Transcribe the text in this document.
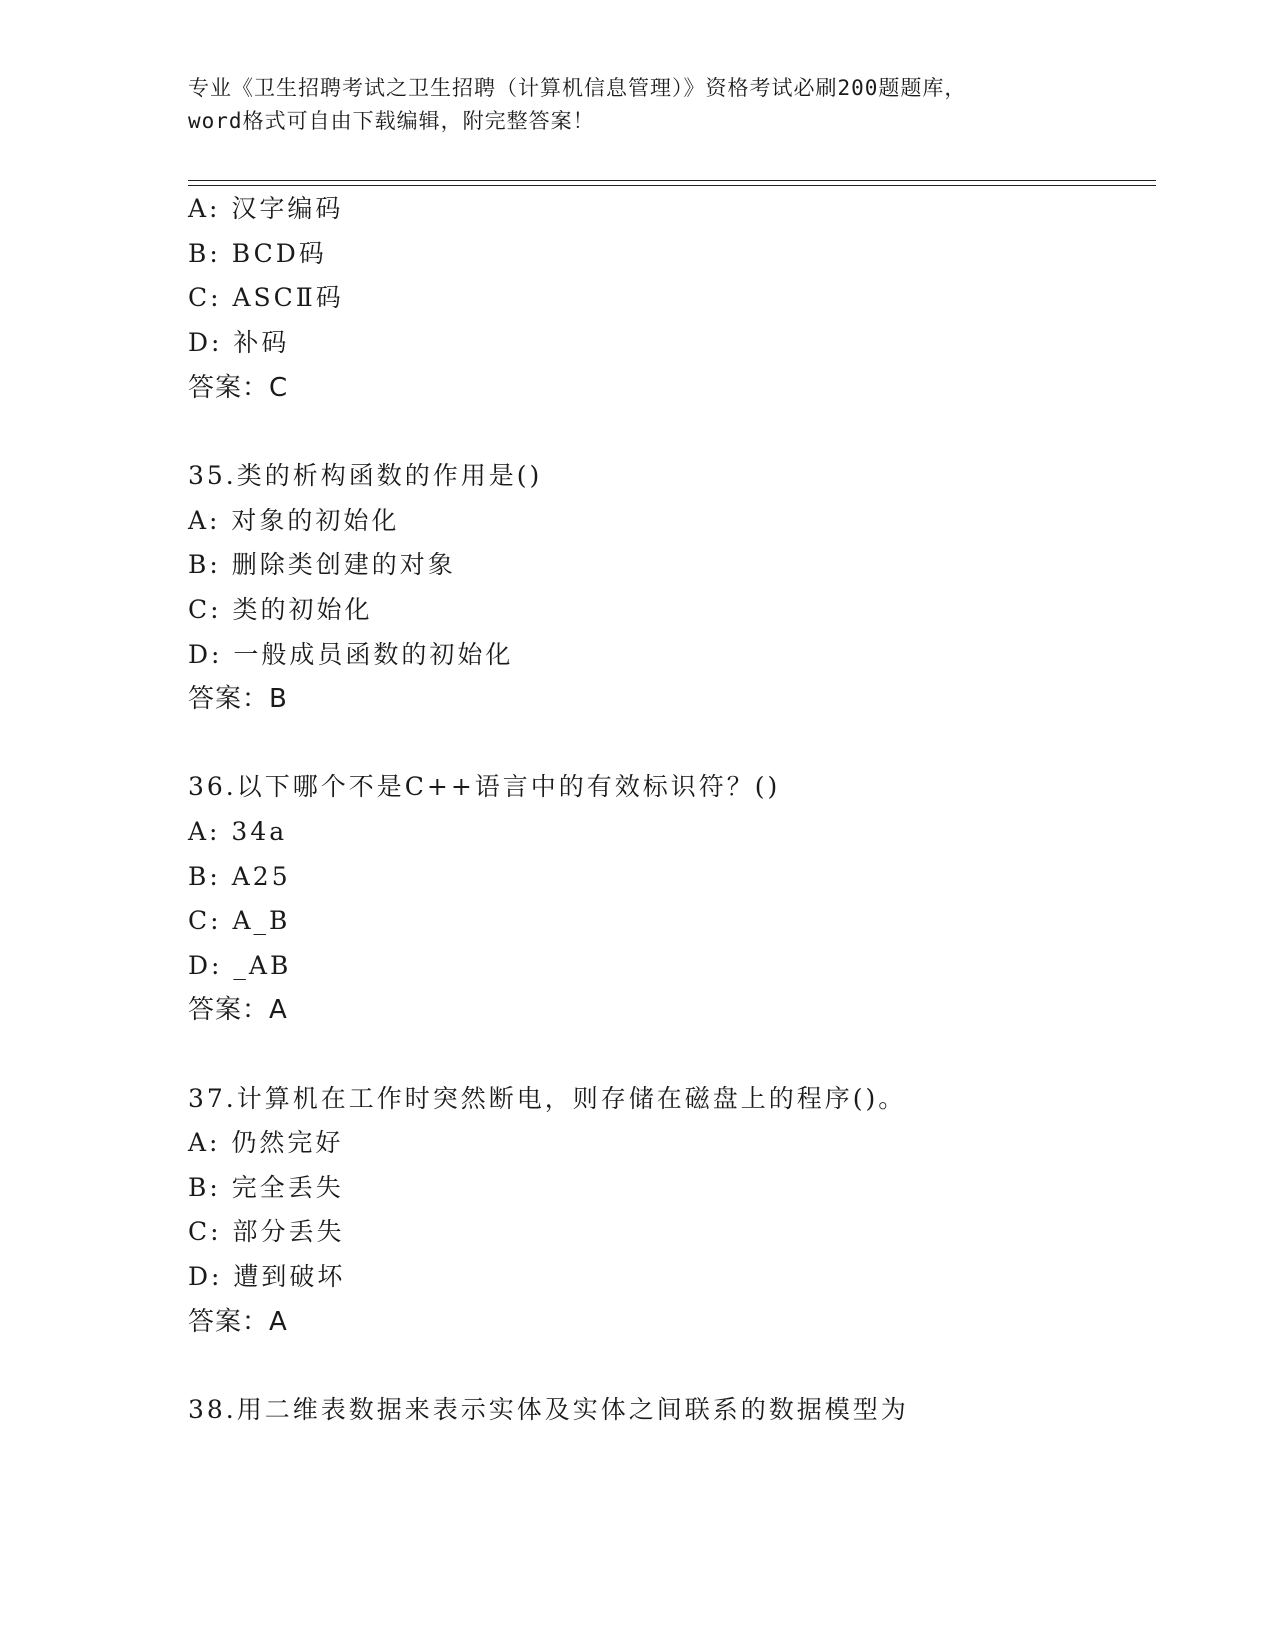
专业《卫生招聘考试之卫生招聘（计算机信息管理）》资格考试必刷200题题库，
word格式可自由下载编辑，附完整答案！
A: 汉字编码
B: BCD码
C: ASCⅡ码
D: 补码
答案：C
35.类的析构函数的作用是()
A: 对象的初始化
B: 删除类创建的对象
C: 类的初始化
D: 一般成员函数的初始化
答案：B
36.以下哪个不是C++语言中的有效标识符？()
A: 34a
B: A25
C: A_B
D: _AB
答案：A
37.计算机在工作时突然断电，则存储在磁盘上的程序()。
A: 仍然完好
B: 完全丢失
C: 部分丢失
D: 遭到破坏
答案：A
38.用二维表数据来表示实体及实体之间联系的数据模型为
